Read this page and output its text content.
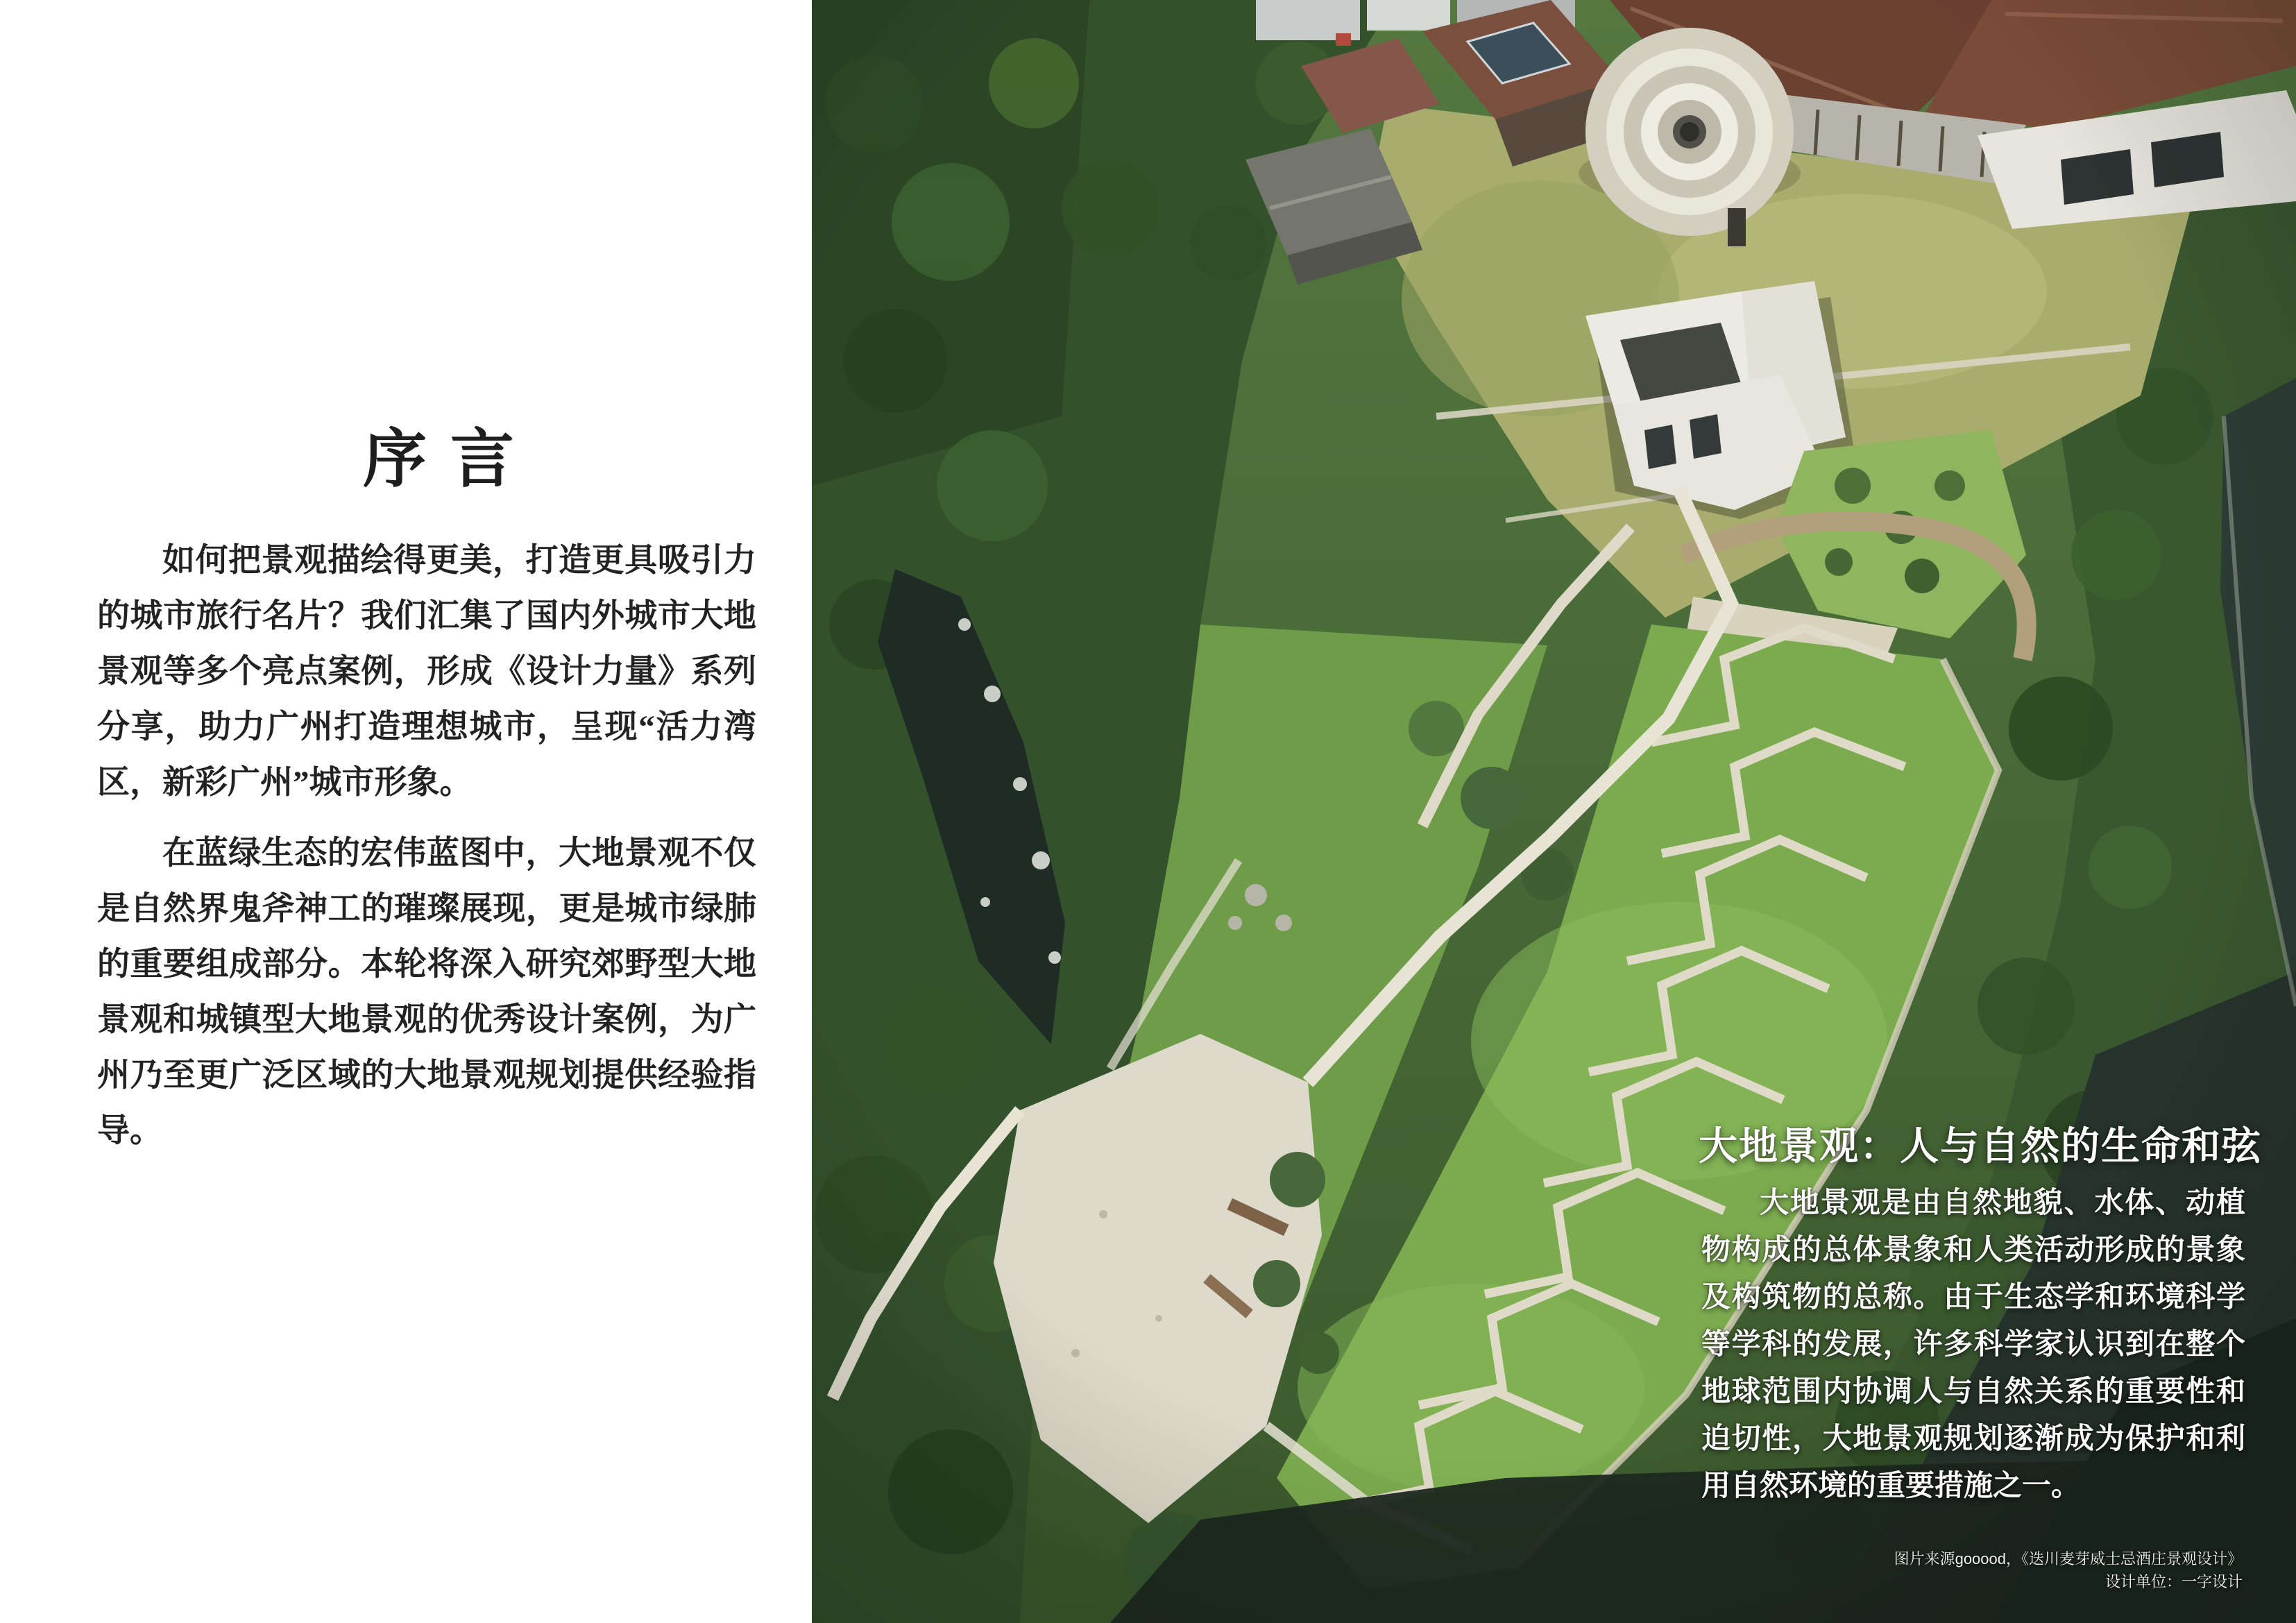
序言

如何把景观描绘得更美，打造更具吸引力的城市旅行名片？我们汇集了国内外城市大地景观等多个亮点案例，形成《设计力量》系列分享，助力广州打造理想城市，呈现“活力湾区，新彩广州”城市形象。

在蓝绿生态的宏伟蓝图中，大地景观不仅是自然界鬼斧神工的璀璨展现，更是城市绿肺的重要组成部分。本轮将深入研究郊野型大地景观和城镇型大地景观的优秀设计案例，为广州乃至更广泛区域的大地景观规划提供经验指导。	大地景观：人与自然的生命和弦

大地景观是由自然地貌、水体、动植物构成的总体景象和人类活动形成的景象及构筑物的总称。由于生态学和环境科学等学科的发展，许多科学家认识到在整个地球范围内协调人与自然关系的重要性和迫切性，大地景观规划逐渐成为保护和利用自然环境的重要措施之一。

图片来源gooood，《迭川麦芽威士忌酒庄景观设计》
设计单位：一字设计
